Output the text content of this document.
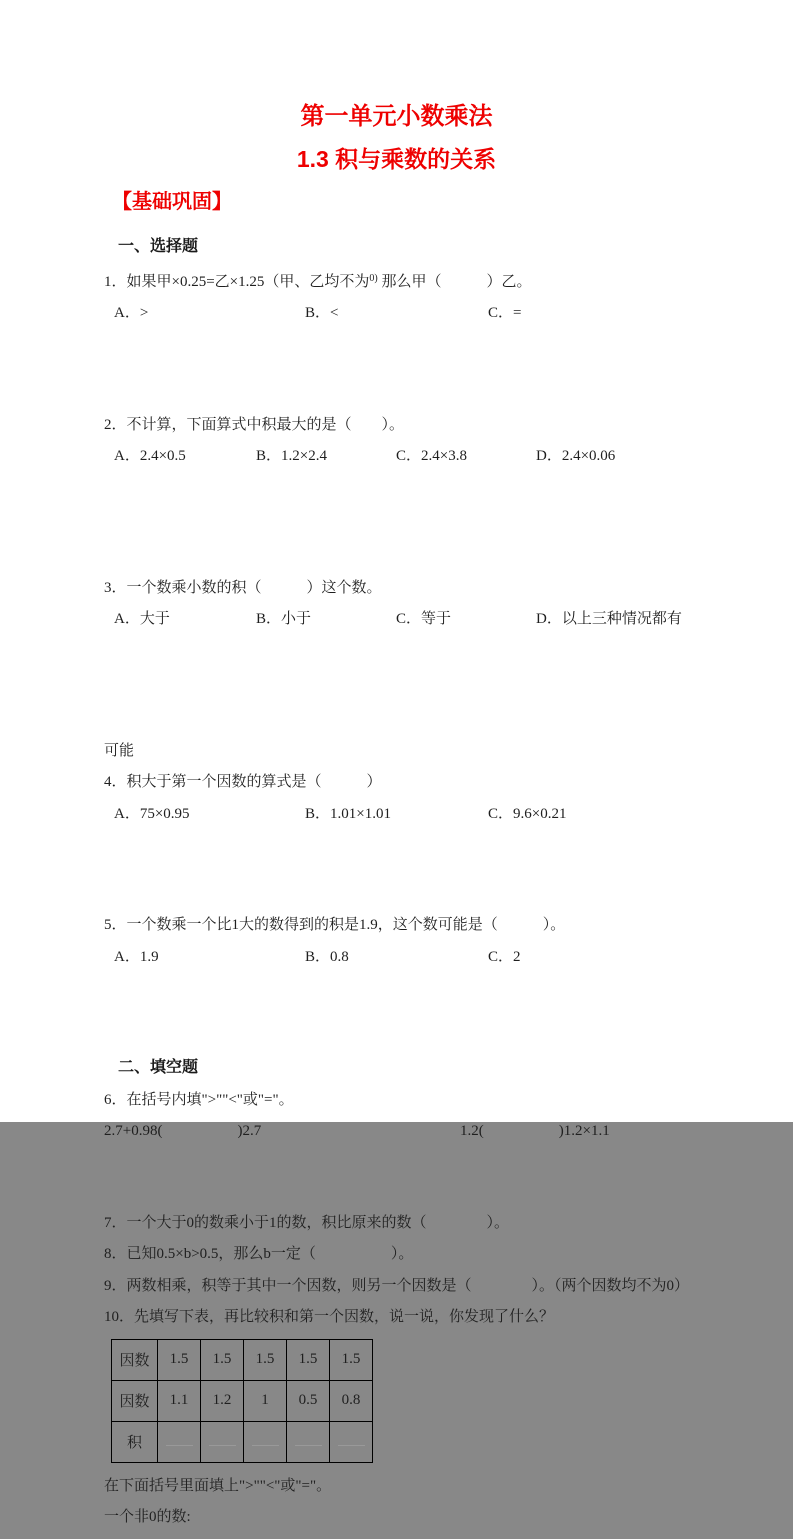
第一单元小数乘法
1.3 积与乘数的关系
【基础巩固】
一、选择题

1．如果甲×0.25=乙×1.25（甲、乙均不为$^{0)}$ 那么甲（　　　）乙。

A．>

	B．<

	C．=

2．不计算，下面算式中积最大的是（　　）。

A．2.4×0.5

	B．1.2×2.4

	C．2.4×3.8

	D．2.4×0.06

3．一个数乘小数的积（　　　）这个数。

A．大于

	B．小于

	C．等于

	D．以上三种情况都有

可能

4．积大于第一个因数的算式是（　　　）

A．75×0.95

	B．1.01×1.01

	C．9.6×0.21

5．一个数乘一个比1大的数得到的积是1.9，这个数可能是（　　　）。

A．1.9

	B．0.8

	C．2

二、填空题

6．在括号内填">""<"或"="。

2.7+0.98(　　　　　)2.7

	1.2(　　　　　)1.2×1.1

7．一个大于0的数乘小于1的数，积比原来的数（　　　　）。

8．已知0.5×b>0.5，那么b一定（　　　　　）。

9．两数相乘，积等于其中一个因数，则另一个因数是（　　　　）。（两个因数均不为0）

10．先填写下表，再比较积和第一个因数，说一说，你发现了什么？

因数	1.5	1.5	1.5	1.5	1.5
因数	1.1	1.2	1	0.5	0.8
积					

在下面括号里面填上">""<"或"="。

一个非0的数:
